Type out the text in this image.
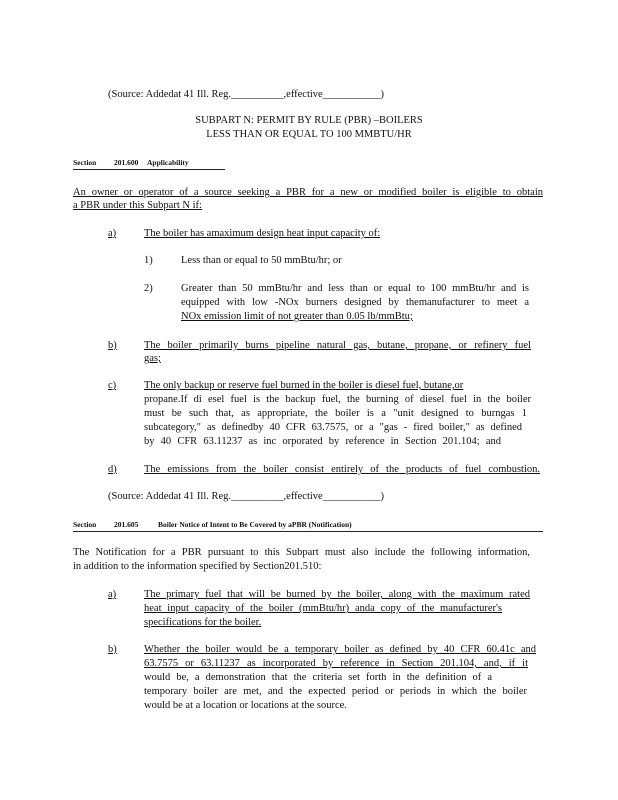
(Source: Addedat 41 Ill. Reg.__________,effective___________)
SUBPART N: PERMIT BY RULE (PBR) –BOILERS
LESS THAN OR EQUAL TO 100 MMBTU/HR
Section 201.600 Applicability
An owner or operator of a source seeking a PBR for a new or modified boiler is eligible to obtain
a PBR under this Subpart N if:
a)	The boiler has amaximum design heat input capacity of:
1)	Less than or equal to 50 mmBtu/hr; or
2)	Greater than 50 mmBtu/hr and less than or equal to 100 mmBtu/hr and is
equipped with low -NOx burners designed by themanufacturer to meet a
NOx emission limit of not greater than 0.05 lb/mmBtu;
b)	The boiler primarily burns pipeline natural gas, butane, propane, or refinery fuel
gas;
c)	The only backup or reserve fuel burned in the boiler is diesel fuel, butane,or
propane.If di esel fuel is the backup fuel, the burning of diesel fuel in the boiler
must be such that, as appropriate, the boiler is a "unit designed to burngas 1
subcategory," as definedby 40 CFR 63.7575, or a "gas - fired boiler," as defined
by 40 CFR 63.11237 as inc orporated by reference in Section 201.104; and
d)	The emissions from the boiler consist entirely of the products of fuel combustion.
(Source: Addedat 41 Ill. Reg.__________,effective___________)
Section 201.605	Boiler Notice of Intent to Be Covered by aPBR (Notification)
The Notification for a PBR pursuant to this Subpart must also include the following information,
in addition to the information specified by Section201.510:
a)	The primary fuel that will be burned by the boiler, along with the maximum rated
heat input capacity of the boiler (mmBtu/hr) anda copy of the manufacturer's
specifications for the boiler.
b)	Whether the boiler would be a temporary boiler as defined by 40 CFR 60.41c and
63.7575 or 63.11237 as incorporated by reference in Section 201.104, and, if it
would be, a demonstration that the criteria set forth in the definition of a
temporary boiler are met, and the expected period or periods in which the boiler
would be at a location or locations at the source.
